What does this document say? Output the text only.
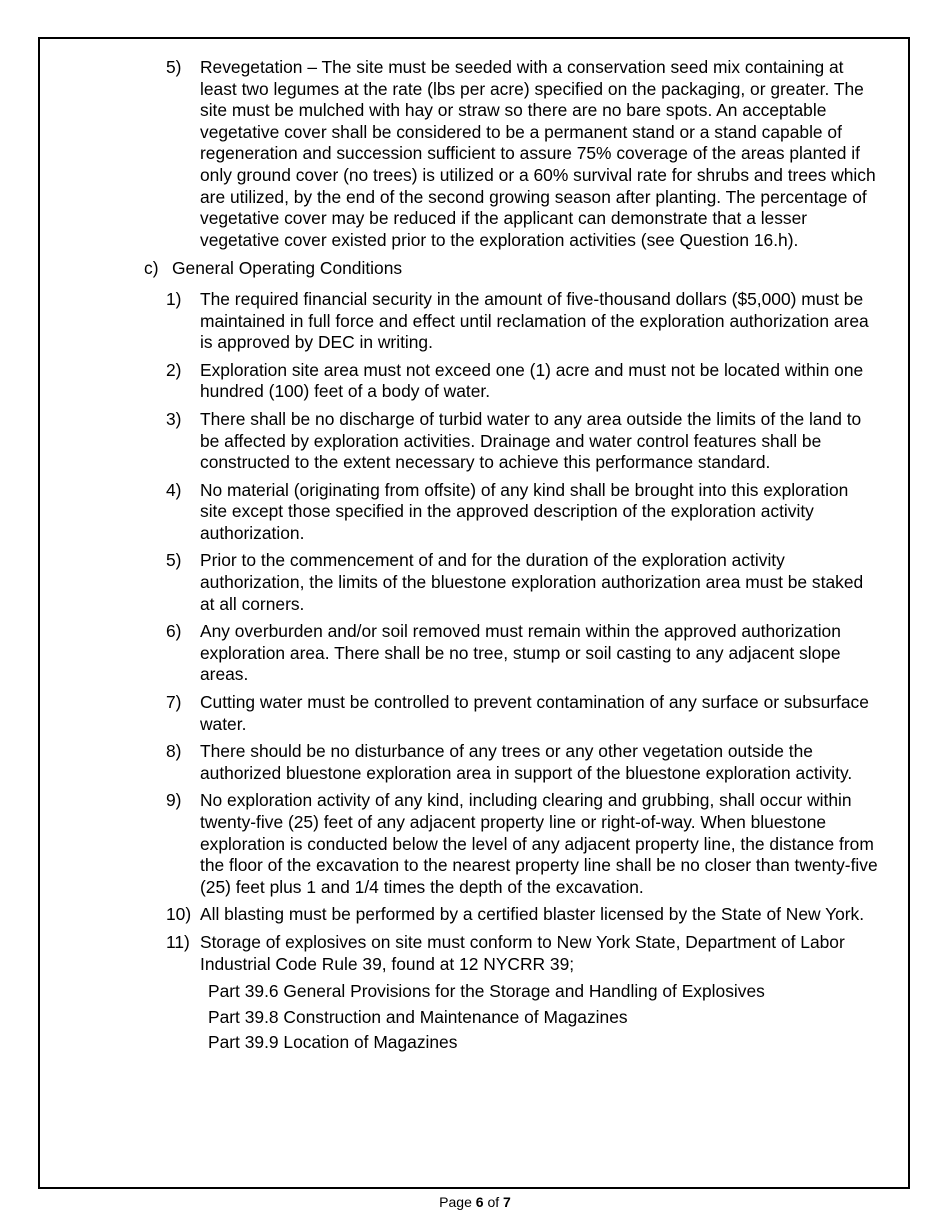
5) Revegetation – The site must be seeded with a conservation seed mix containing at least two legumes at the rate (lbs per acre) specified on the packaging, or greater. The site must be mulched with hay or straw so there are no bare spots. An acceptable vegetative cover shall be considered to be a permanent stand or a stand capable of regeneration and succession sufficient to assure 75% coverage of the areas planted if only ground cover (no trees) is utilized or a 60% survival rate for shrubs and trees which are utilized, by the end of the second growing season after planting. The percentage of vegetative cover may be reduced if the applicant can demonstrate that a lesser vegetative cover existed prior to the exploration activities (see Question 16.h).
c) General Operating Conditions
1) The required financial security in the amount of five-thousand dollars ($5,000) must be maintained in full force and effect until reclamation of the exploration authorization area is approved by DEC in writing.
2) Exploration site area must not exceed one (1) acre and must not be located within one hundred (100) feet of a body of water.
3) There shall be no discharge of turbid water to any area outside the limits of the land to be affected by exploration activities. Drainage and water control features shall be constructed to the extent necessary to achieve this performance standard.
4) No material (originating from offsite) of any kind shall be brought into this exploration site except those specified in the approved description of the exploration activity authorization.
5) Prior to the commencement of and for the duration of the exploration activity authorization, the limits of the bluestone exploration authorization area must be staked at all corners.
6) Any overburden and/or soil removed must remain within the approved authorization exploration area. There shall be no tree, stump or soil casting to any adjacent slope areas.
7) Cutting water must be controlled to prevent contamination of any surface or subsurface water.
8) There should be no disturbance of any trees or any other vegetation outside the authorized bluestone exploration area in support of the bluestone exploration activity.
9) No exploration activity of any kind, including clearing and grubbing, shall occur within twenty-five (25) feet of any adjacent property line or right-of-way. When bluestone exploration is conducted below the level of any adjacent property line, the distance from the floor of the excavation to the nearest property line shall be no closer than twenty-five (25) feet plus 1 and 1/4 times the depth of the excavation.
10) All blasting must be performed by a certified blaster licensed by the State of New York.
11) Storage of explosives on site must conform to New York State, Department of Labor Industrial Code Rule 39, found at 12 NYCRR 39;
Part 39.6 General Provisions for the Storage and Handling of Explosives
Part 39.8 Construction and Maintenance of Magazines
Part 39.9 Location of Magazines
Page 6 of 7
